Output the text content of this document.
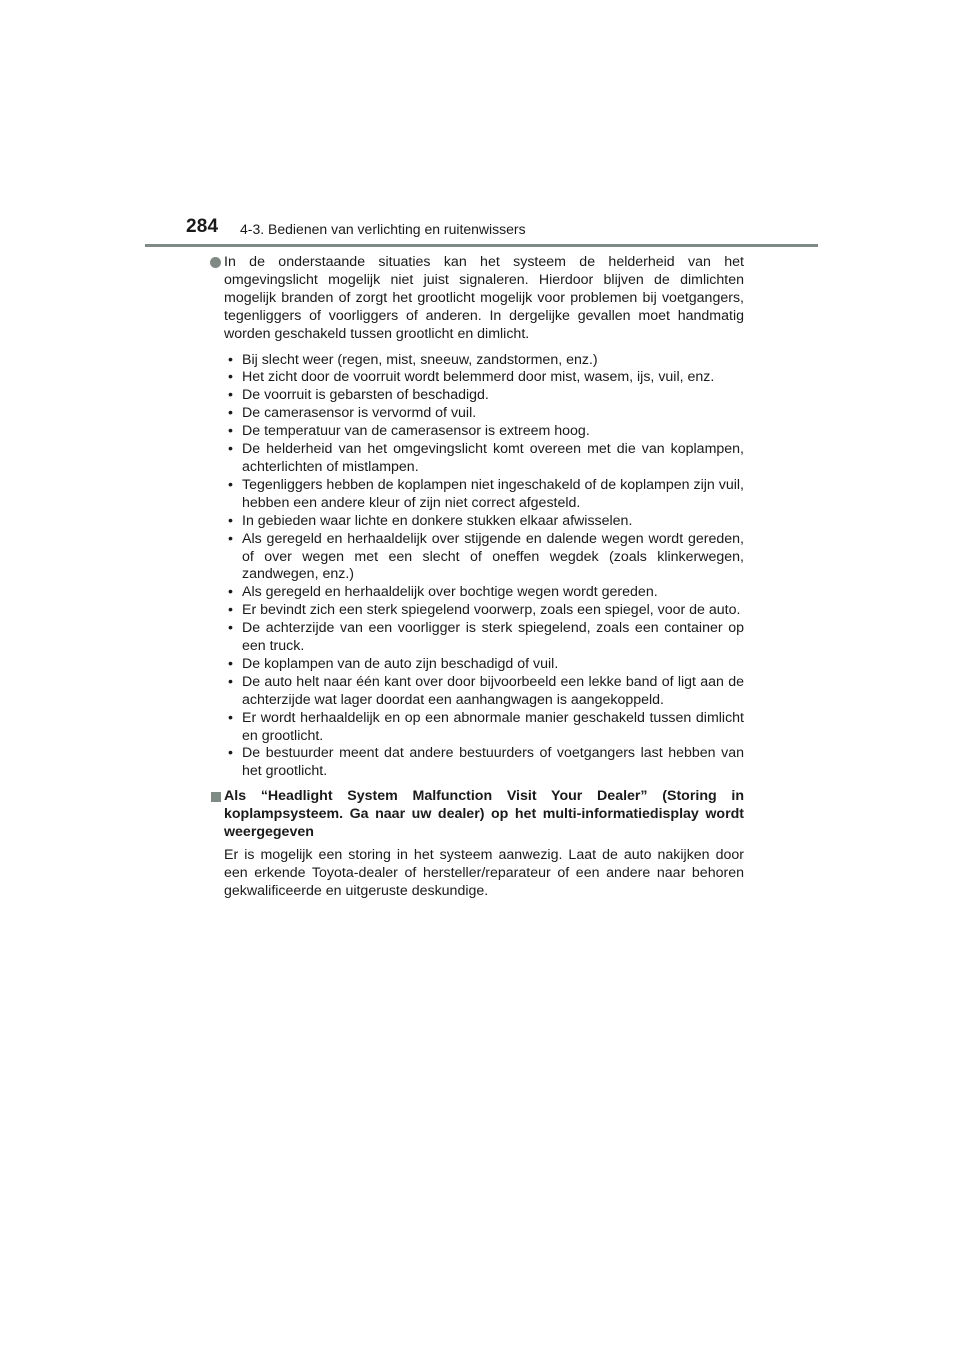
284 4-3. Bedienen van verlichting en ruitenwissers
In de onderstaande situaties kan het systeem de helderheid van het omgevingslicht mogelijk niet juist signaleren. Hierdoor blijven de dimlichten mogelijk branden of zorgt het grootlicht mogelijk voor problemen bij voetgangers, tegenliggers of voorliggers of anderen. In dergelijke gevallen moet handmatig worden geschakeld tussen grootlicht en dimlicht.
• Bij slecht weer (regen, mist, sneeuw, zandstormen, enz.)
• Het zicht door de voorruit wordt belemmerd door mist, wasem, ijs, vuil, enz.
• De voorruit is gebarsten of beschadigd.
• De camerasensor is vervormd of vuil.
• De temperatuur van de camerasensor is extreem hoog.
• De helderheid van het omgevingslicht komt overeen met die van koplampen, achterlichten of mistlampen.
• Tegenliggers hebben de koplampen niet ingeschakeld of de koplampen zijn vuil, hebben een andere kleur of zijn niet correct afgesteld.
• In gebieden waar lichte en donkere stukken elkaar afwisselen.
• Als geregeld en herhaaldelijk over stijgende en dalende wegen wordt gereden, of over wegen met een slecht of oneffen wegdek (zoals klinkerwegen, zandwegen, enz.)
• Als geregeld en herhaaldelijk over bochtige wegen wordt gereden.
• Er bevindt zich een sterk spiegelend voorwerp, zoals een spiegel, voor de auto.
• De achterzijde van een voorligger is sterk spiegelend, zoals een container op een truck.
• De koplampen van de auto zijn beschadigd of vuil.
• De auto helt naar één kant over door bijvoorbeeld een lekke band of ligt aan de achterzijde wat lager doordat een aanhangwagen is aangekoppeld.
• Er wordt herhaaldelijk en op een abnormale manier geschakeld tussen dimlicht en grootlicht.
• De bestuurder meent dat andere bestuurders of voetgangers last hebben van het grootlicht.
Als “Headlight System Malfunction Visit Your Dealer” (Storing in koplampsysteem. Ga naar uw dealer) op het multi-informatiedisplay wordt weergegeven
Er is mogelijk een storing in het systeem aanwezig. Laat de auto nakijken door een erkende Toyota-dealer of hersteller/reparateur of een andere naar behoren gekwalificeerde en uitgeruste deskundige.
